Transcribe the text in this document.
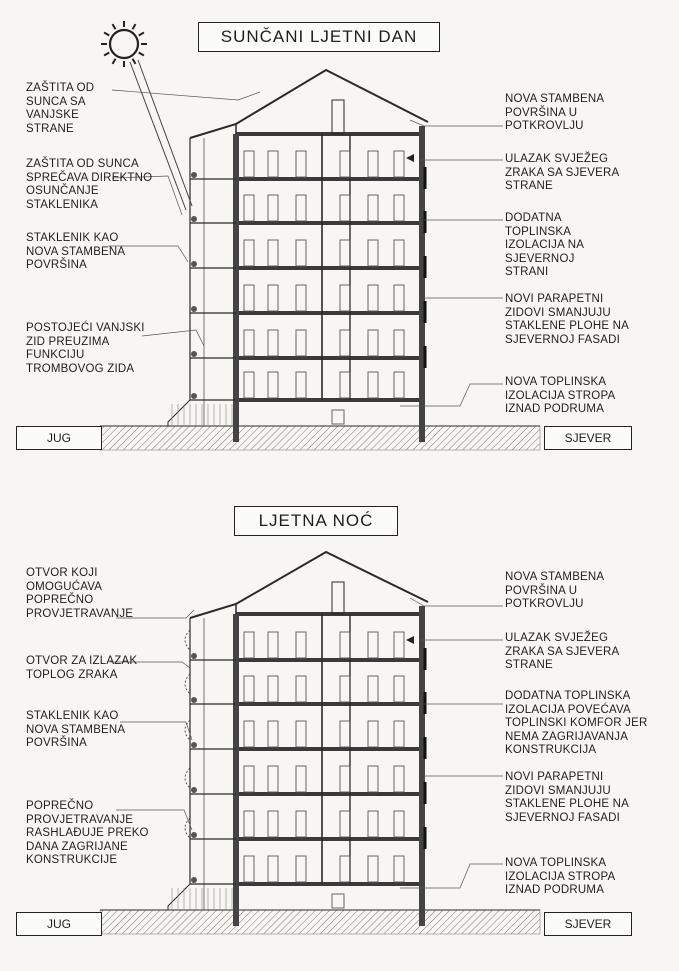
SUNČANI LJETNI DAN
ZAŠTITA OD
SUNCA SA
VANJSKE
STRANE
ZAŠTITA OD SUNCA
SPREČAVA DIREKTNO
OSUNČANJE
STAKLENIKA
STAKLENIK KAO
NOVA STAMBENA
POVRŠINA
POSTOJEĆI VANJSKI
ZID PREUZIMA
FUNKCIJU
TROMBOVOG ZIDA
NOVA STAMBENA
POVRŠINA U
POTKROVLJU
ULAZAK SVJEŽEG
ZRAKA SA SJEVERA
STRANE
DODATNA
TOPLINSKA
IZOLACIJA NA
SJEVERNOJ
STRANI
NOVI PARAPETNI
ZIDOVI SMANJUJU
STAKLENE PLOHE NA
SJEVERNOJ FASADI
NOVA TOPLINSKA
IZOLACIJA STROPA
IZNAD PODRUMA
JUG	SJEVER
LJETNA NOĆ
OTVOR KOJI
OMOGUĆAVA
POPREČNO
PROVJETRAVANJE
OTVOR ZA IZLAZAK
TOPLOG ZRAKA
STAKLENIK KAO
NOVA STAMBENA
POVRŠINA
POPREČNO
PROVJETRAVANJE
RASHLAĐUJE PREKO
DANA ZAGRIJANE
KONSTRUKCIJE
NOVA STAMBENA
POVRŠINA U
POTKROVLJU
ULAZAK SVJEŽEG
ZRAKA SA SJEVERA
STRANE
DODATNA TOPLINSKA
IZOLACIJA POVEĆAVA
TOPLINSKI KOMFOR JER
NEMA ZAGRIJAVANJA
KONSTRUKCIJA
NOVI PARAPETNI
ZIDOVI SMANJUJU
STAKLENE PLOHE NA
SJEVERNOJ FASADI
NOVA TOPLINSKA
IZOLACIJA STROPA
IZNAD PODRUMA
JUG	SJEVER
